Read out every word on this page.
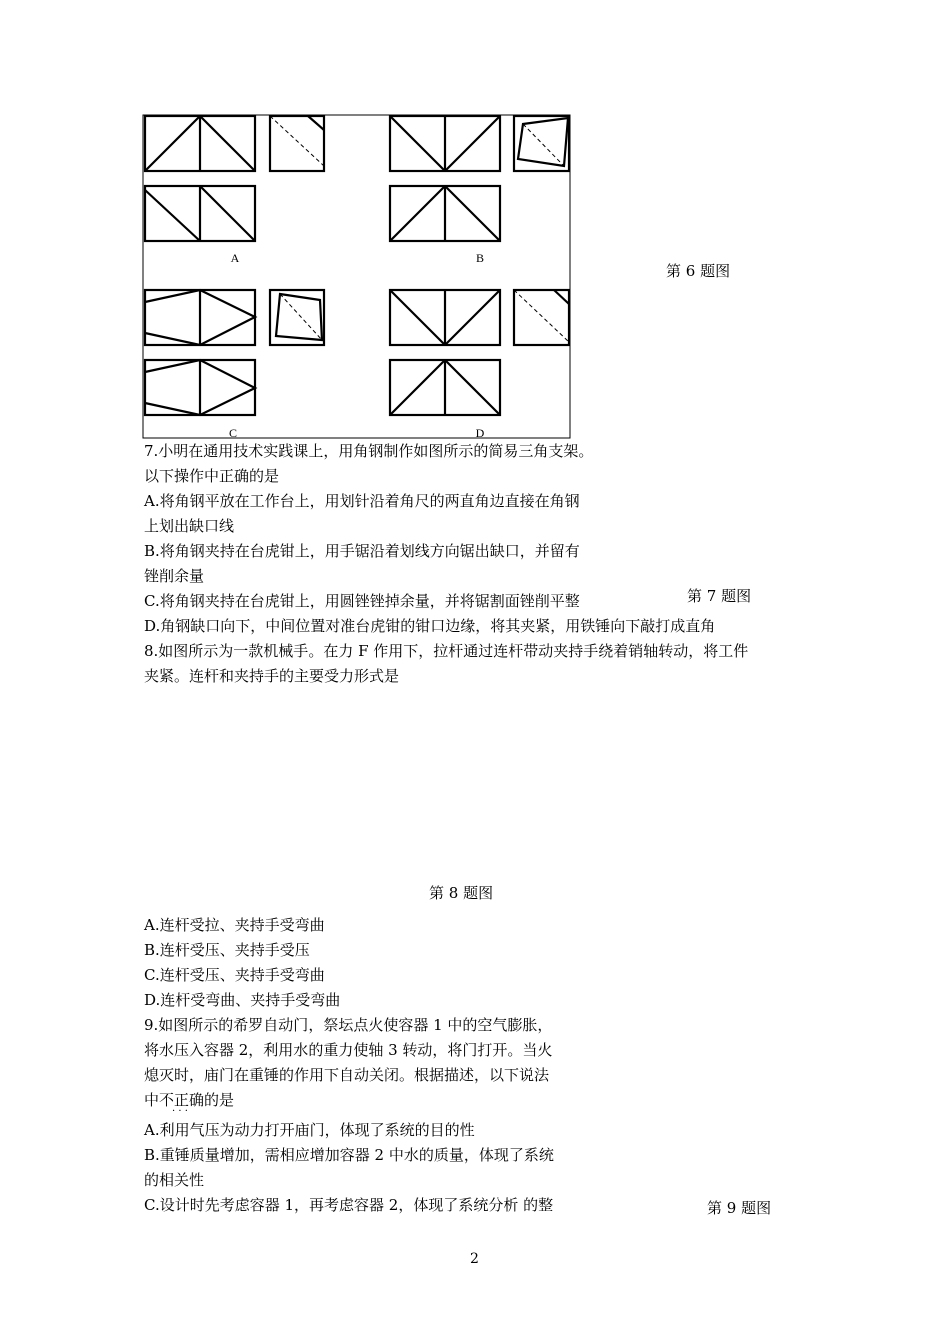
A	B
C	D
第 6 题图
7.小明在通用技术实践课上，用角钢制作如图所示的简易三角支架。
以下操作中正确的是
A.将角钢平放在工作台上，用划针沿着角尺的两直角边直接在角钢
上划出缺口线
B.将角钢夹持在台虎钳上，用手锯沿着划线方向锯出缺口，并留有
锉削余量
C.将角钢夹持在台虎钳上，用圆锉锉掉余量，并将锯割面锉削平整	第 7 题图
D.角钢缺口向下，中间位置对准台虎钳的钳口边缘，将其夹紧，用铁锤向下敲打成直角
8.如图所示为一款机械手。在力 F 作用下，拉杆通过连杆带动夹持手绕着销轴转动，将工件
夹紧。连杆和夹持手的主要受力形式是
第 8 题图
A.连杆受拉、夹持手受弯曲
B.连杆受压、夹持手受压
C.连杆受压、夹持手受弯曲
D.连杆受弯曲、夹持手受弯曲
9.如图所示的希罗自动门，祭坛点火使容器 1 中的空气膨胀，
将水压入容器 2，利用水的重力使轴 3 转动，将门打开。当火
熄灭时，庙门在重锤的作用下自动关闭。根据描述，以下说法
中不正确
· · ·
的是
A.利用气压为动力打开庙门，体现了系统的目的性
B.重锤质量增加，需相应增加容器 2 中水的质量，体现了系统
的相关性
C.设计时先考虑容器 1，再考虑容器 2，体现了系统分析 的整	第 9 题图
2
